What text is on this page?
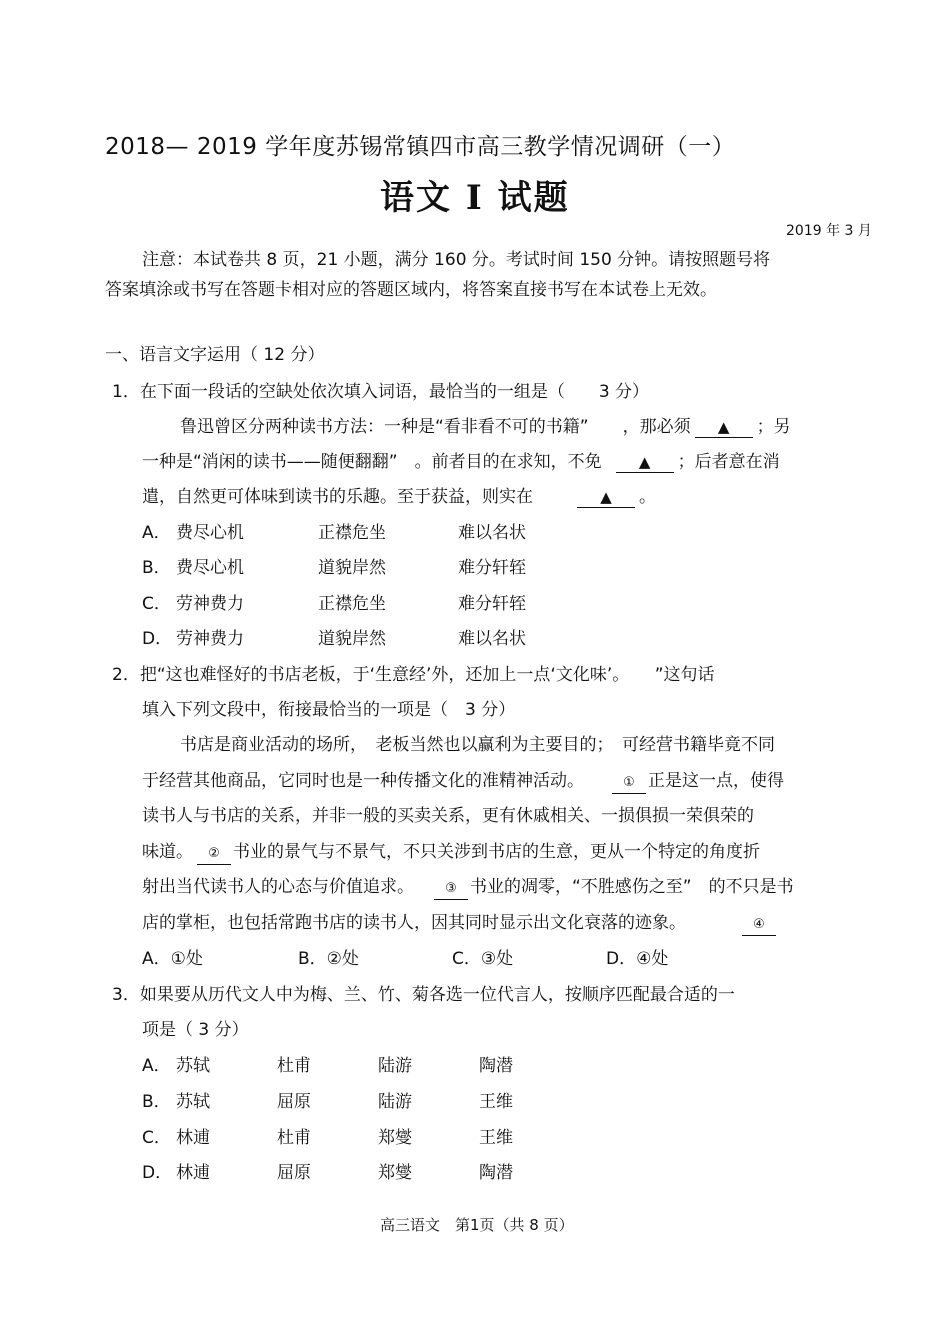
2018— 2019 学年度苏锡常镇四市高三教学情况调研（一）
语文 Ⅰ 试题
2019 年 3 月
注意：本试卷共 8 页，21 小题，满分 160 分。考试时间 150 分钟。请按照题号将
答案填涂或书写在答题卡相对应的答题区域内，将答案直接书写在本试卷上无效。
一、语言文字运用（ 12 分）
1．在下面一段话的空缺处依次填入词语，最恰当的一组是（　　3 分）
鲁迅曾区分两种读书方法：一种是“看非看不可的书籍”　　，那必须 ▲ ；另
一种是“消闲的读书——随便翻翻”　。前者目的在求知，不免 ▲ ；后者意在消
遣，自然更可体味到读书的乐趣。至于获益，则实在	▲ 。
A． 费尽心机	正襟危坐	难以名状
B． 费尽心机	道貌岸然	难分轩轾
C． 劳神费力	正襟危坐	难分轩轾
D． 劳神费力	道貌岸然	难以名状
2．把“这也难怪好的书店老板，于‘生意经’外，还加上一点‘文化味’。　　”这句话
填入下列文段中，衔接最恰当的一项是（　3 分）
书店是商业活动的场所，　老板当然也以赢利为主要目的；　可经营书籍毕竟不同
于经营其他商品，它同时也是一种传播文化的准精神活动。	① 正是这一点，使得
读书人与书店的关系，并非一般的买卖关系，更有休戚相关、一损俱损一荣俱荣的
味道。 ② 书业的景气与不景气，不只关涉到书店的生意，更从一个特定的角度折
射出当代读书人的心态与价值追求。 ③ 书业的凋零，“不胜感伤之至”　的不只是书
店的掌柜，也包括常跑书店的读书人，因其同时显示出文化衰落的迹象。	④
A．①处	B．②处	C．③处	D．④处
3．如果要从历代文人中为梅、兰、竹、菊各选一位代言人，按顺序匹配最合适的一
项是（ 3 分）
A． 苏轼	杜甫	陆游	陶潜
B． 苏轼	屈原	陆游	王维
C． 林逋	杜甫	郑燮	王维
D． 林逋	屈原	郑燮	陶潜
高三语文　第1页（共 8 页）
